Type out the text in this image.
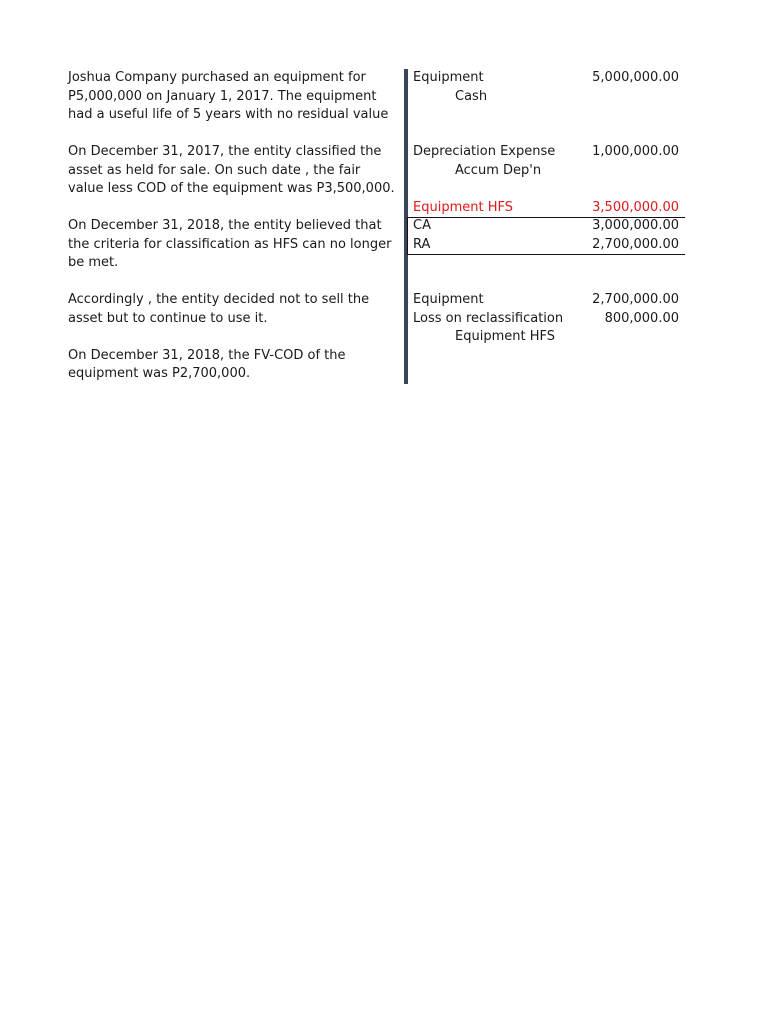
Joshua Company purchased an equipment for
P5,000,000 on January 1, 2017. The equipment
had a useful life of 5 years with no residual value

On December 31, 2017, the entity classified the
asset as held for sale. On such date , the fair
value less COD of the equipment was P3,500,000.

On December 31, 2018, the entity believed that
the criteria for classification as HFS can no longer
be met.

Accordingly , the entity decided not to sell the
asset but to continue to use it.

On December 31, 2018, the FV-COD of the
equipment was P2,700,000.

Equipment	5,000,000.00
Cash
Depreciation Expense	1,000,000.00
Accum Dep'n
Equipment HFS	3,500,000.00
CA	3,000,000.00
RA	2,700,000.00
Equipment	2,700,000.00
Loss on reclassification	800,000.00
Equipment HFS
